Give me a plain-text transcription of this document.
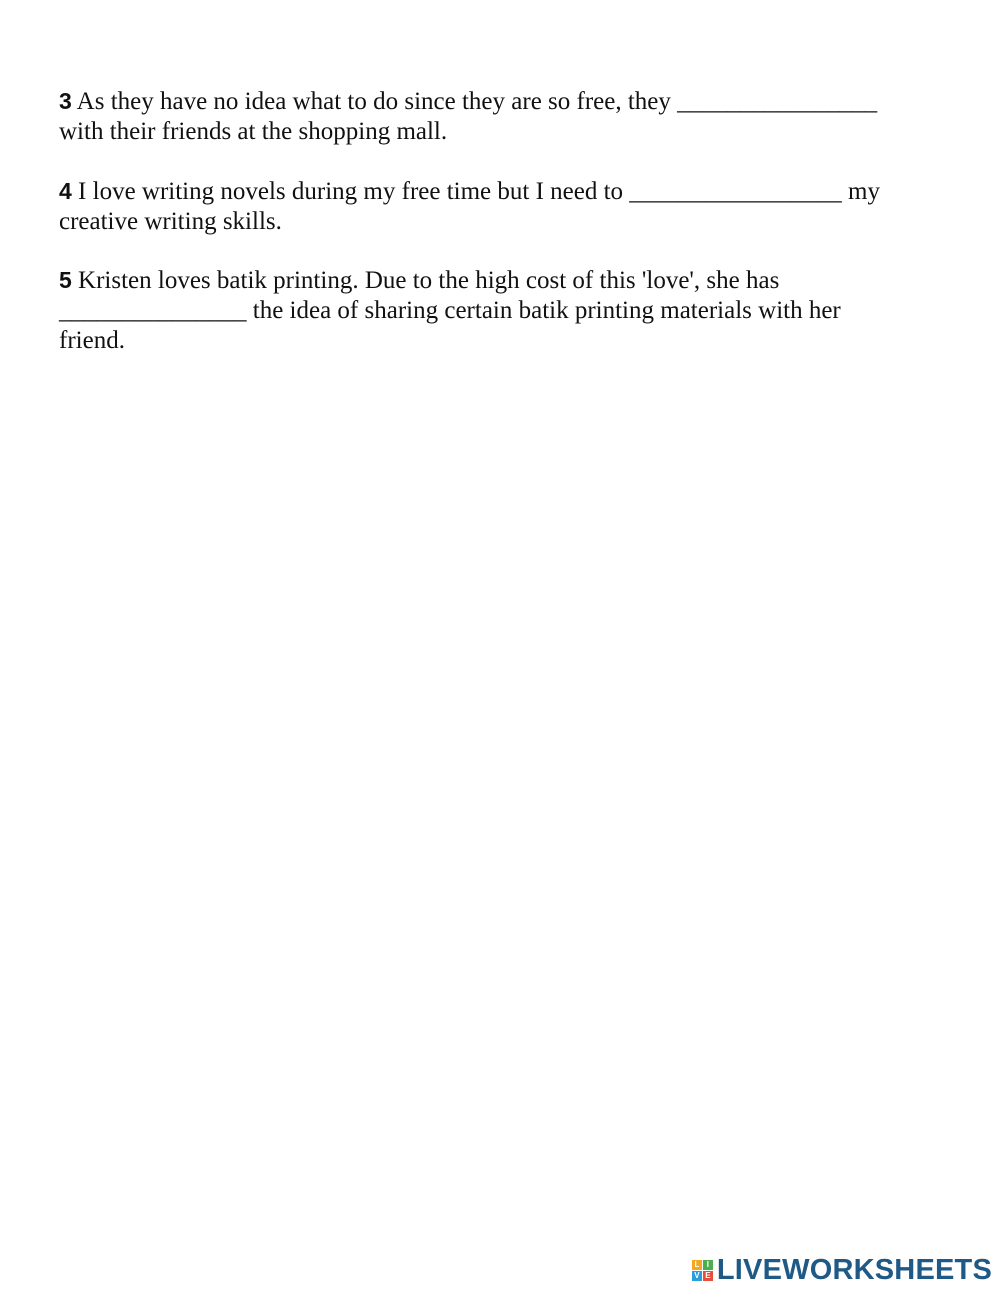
3 As they have no idea what to do since they are so free, they ________________
with their friends at the shopping mall.
4 I love writing novels during my free time but I need to _________________ my
creative writing skills.
5 Kristen loves batik printing. Due to the high cost of this 'love', she has
_______________ the idea of sharing certain batik printing materials with her
friend.
L I
V E LIVEWORKSHEETS
